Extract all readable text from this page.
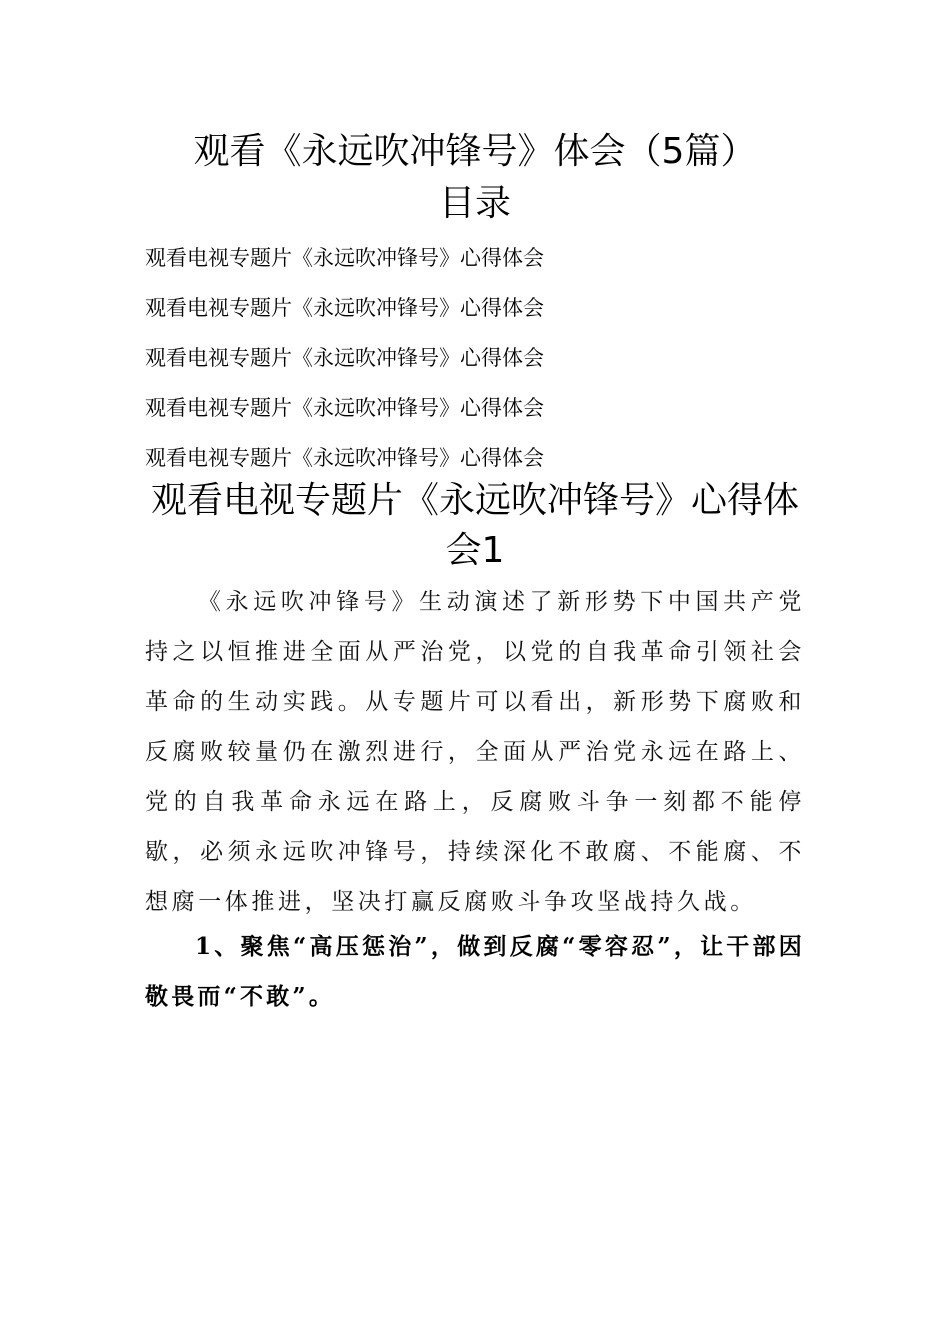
观看《永远吹冲锋号》体会（5篇）
目录
观看电视专题片《永远吹冲锋号》心得体会
观看电视专题片《永远吹冲锋号》心得体会
观看电视专题片《永远吹冲锋号》心得体会
观看电视专题片《永远吹冲锋号》心得体会
观看电视专题片《永远吹冲锋号》心得体会
观看电视专题片《永远吹冲锋号》心得体会1

《永远吹冲锋号》生动演述了新形势下中国共产党持之以恒推进全面从严治党，以党的自我革命引领社会革命的生动实践。从专题片可以看出，新形势下腐败和反腐败较量仍在激烈进行，全面从严治党永远在路上、党的自我革命永远在路上，反腐败斗争一刻都不能停歇，必须永远吹冲锋号，持续深化不敢腐、不能腐、不想腐一体推进，坚决打赢反腐败斗争攻坚战持久战。

1、聚焦“高压惩治”，做到反腐“零容忍”，让干部因敬畏而“不敢”。
